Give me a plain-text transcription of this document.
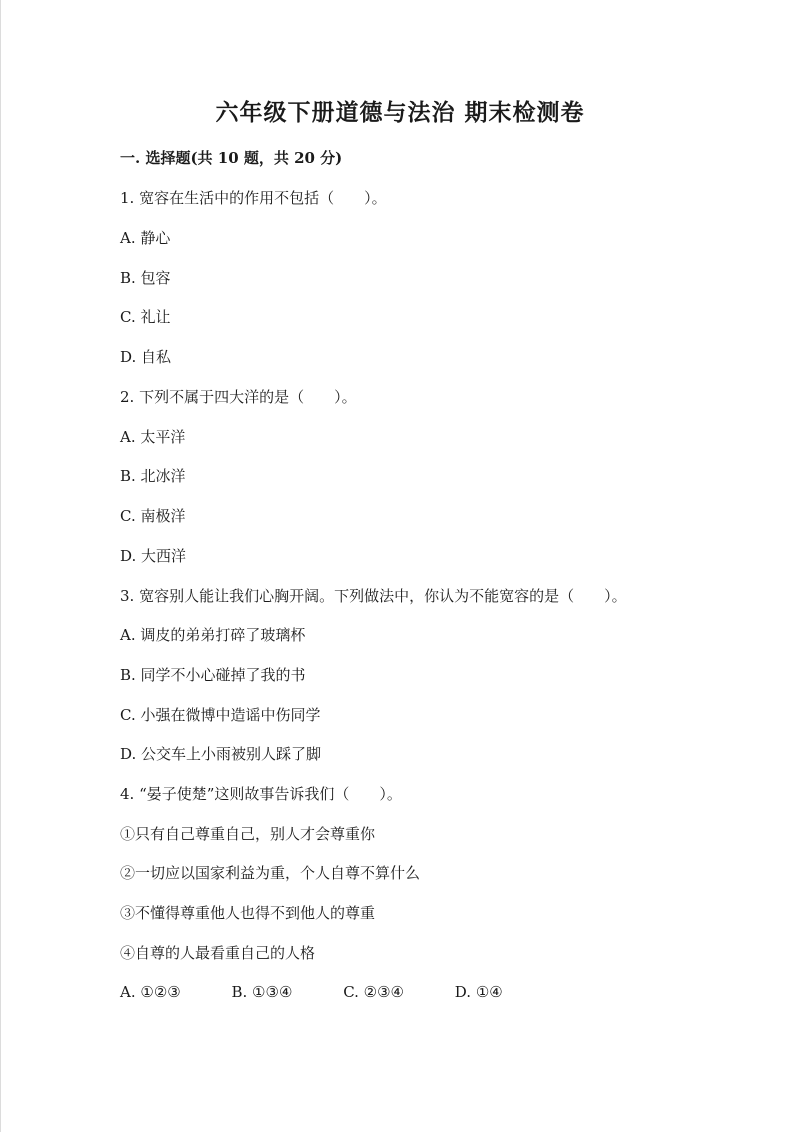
六年级下册道德与法治 期末检测卷
一. 选择题(共 10 题，共 20 分)
1. 宽容在生活中的作用不包括（　　）。
A. 静心
B. 包容
C. 礼让
D. 自私
2. 下列不属于四大洋的是（　　）。
A. 太平洋
B. 北冰洋
C. 南极洋
D. 大西洋
3. 宽容别人能让我们心胸开阔。下列做法中，你认为不能宽容的是（　　）。
A. 调皮的弟弟打碎了玻璃杯
B. 同学不小心碰掉了我的书
C. 小强在微博中造谣中伤同学
D. 公交车上小雨被别人踩了脚
4. “晏子使楚”这则故事告诉我们（　　）。
①只有自己尊重自己，别人才会尊重你
②一切应以国家利益为重，个人自尊不算什么
③不懂得尊重他人也得不到他人的尊重
④自尊的人最看重自己的人格
A. ①②③	B. ①③④	C. ②③④	D. ①④
